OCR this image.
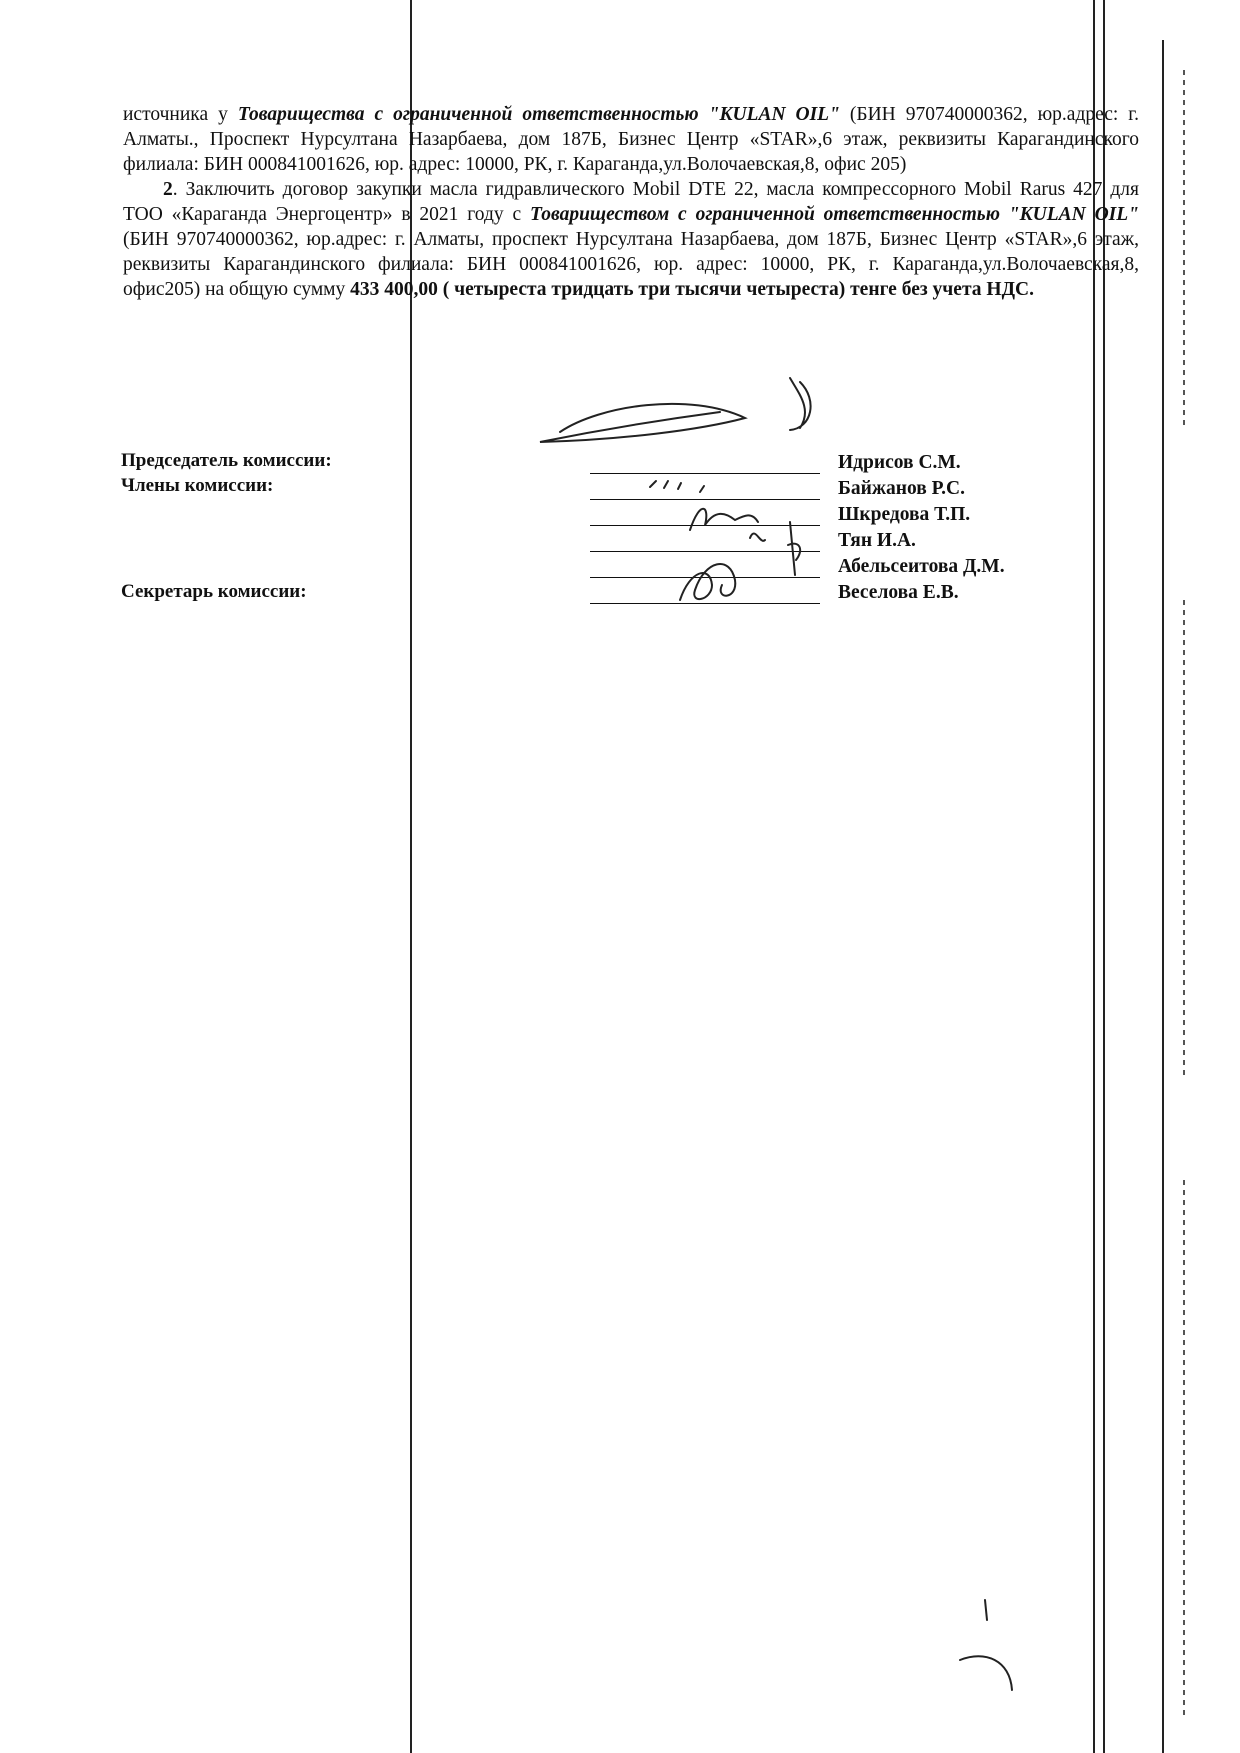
источника у Товарищества с ограниченной ответственностью "KULAN OIL" (БИН 970740000362, юр.адрес: г. Алматы., Проспект Нурсултана Назарбаева, дом 187Б, Бизнес Центр «STAR»,6 этаж, реквизиты Карагандинского филиала: БИН 000841001626, юр. адрес: 10000, РК, г. Караганда,ул.Волочаевская,8, офис 205)

2. Заключить договор закупки масла гидравлического Mobil DTE 22, масла компрессорного Mobil Rarus 427 для ТОО «Караганда Энергоцентр» в 2021 году с Товариществом с ограниченной ответственностью "KULAN OIL" (БИН 970740000362, юр.адрес: г. Алматы, проспект Нурсултана Назарбаева, дом 187Б, Бизнес Центр «STAR»,6 этаж, реквизиты Карагандинского филиала: БИН 000841001626, юр. адрес: 10000, РК, г. Караганда,ул.Волочаевская,8, офис205) на общую сумму 433 400,00 ( четыреста тридцать три тысячи четыреста) тенге без учета НДС.

Председатель комиссии:
Члены комиссии:
Секретарь комиссии:
Идрисов С.М.
Байжанов Р.С.
Шкредова Т.П.
Тян И.А.
Абельсеитова Д.М.
Веселова Е.В.
